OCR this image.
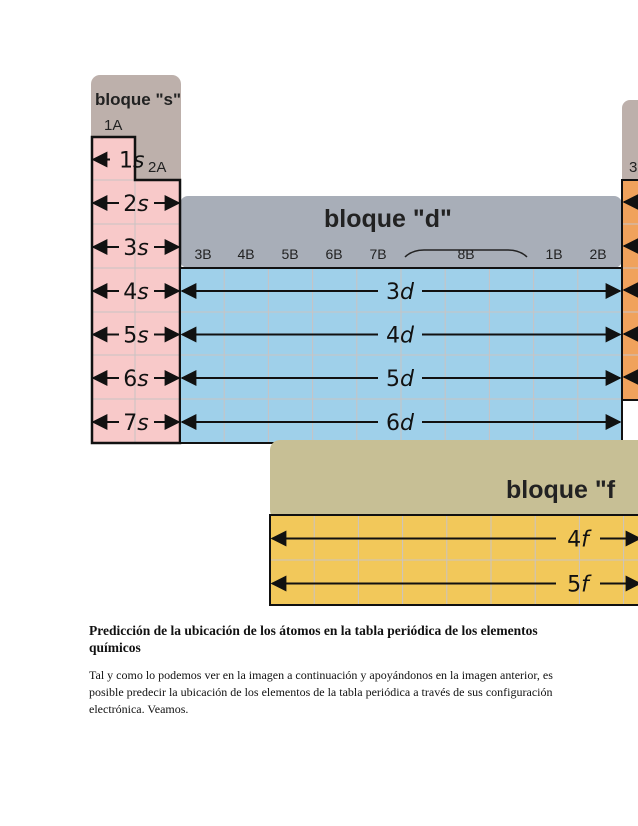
bloque "s"
1A
3
bloque "d"
3B 4B 5B 6B 7B	8B	1B 2B
2A
1s
2s
3s
4s
5s
6s
7s
3d
4d
5d
6d
bloque "f
4f
5f

Predicción de la ubicación de los átomos en la tabla periódica de los elementos químicos

Tal y como lo podemos ver en la imagen a continuación y apoyándonos en la imagen anterior, es posible predecir la ubicación de los elementos de la tabla periódica a través de sus configuración electrónica. Veamos.
